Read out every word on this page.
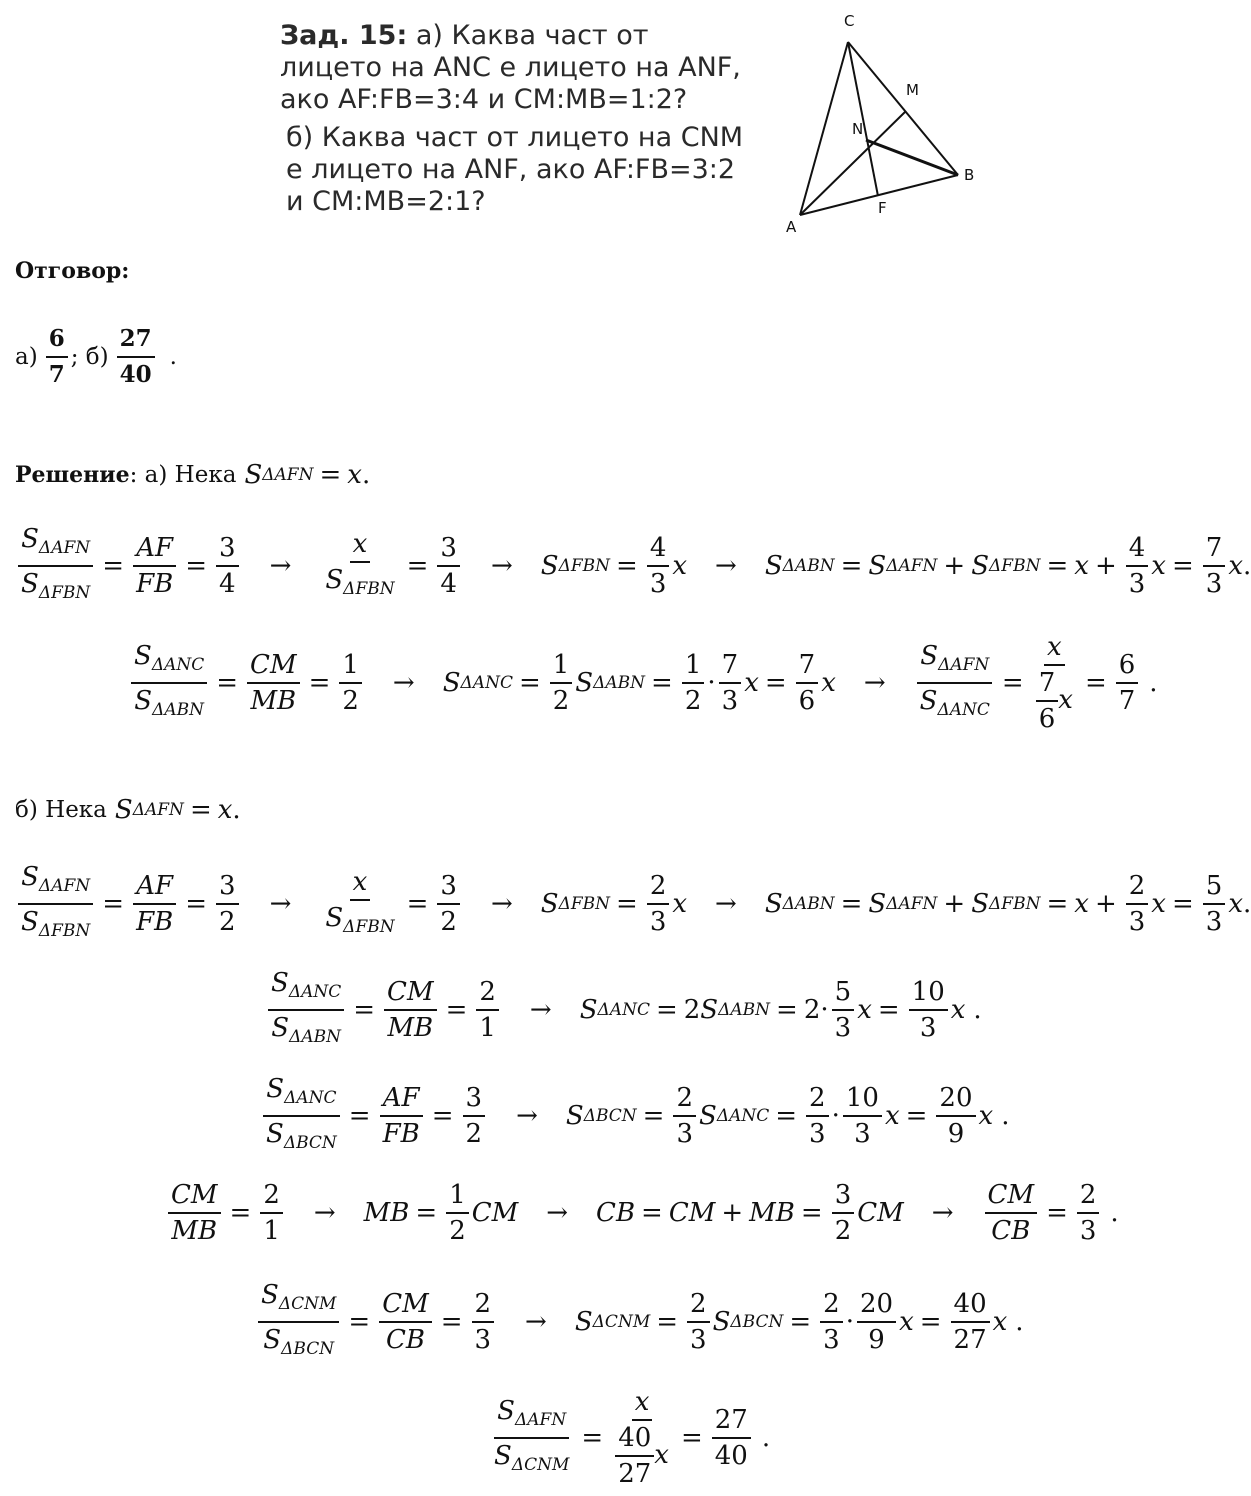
Зад. 15: а) Каква част от
лицето на ANC е лицето на ANF,
ако AF:FB=3:4 и CM:MB=1:2?
б) Каква част от лицето на CNM
е лицето на ANF, ако AF:FB=3:2
и CM:MB=2:1?
C
M
N
B
F
A
Отговор:
а)
6
7
; б)
27
40
.
Решение : а) Нека S ΔAFN = x .
$S_{\Delta AFN}$
$S_{\Delta FBN}$
= $\frac{AF}{FB} = \frac{3}{4}$ →
x
$S_{\Delta FBN}$
= $\frac{3}{4} \to S$ $\Delta FBN = \frac{4}{3}$ x → S ΔABN = S ΔAFN + S $\Delta FBN = x + \frac{4}{3}$ $x = \frac{7}{3}$ x .
$S_{\Delta ANC}$
$S_{\Delta ABN}$
= $\frac{CM}{MB} = \frac{1}{2} \to S$ $\Delta ANC = \frac{1}{2}$ S $\Delta ABN = \frac{1}{2} \cdot \frac{7}{3}$ $x = \frac{7}{6}$ x →
$S_{\Delta AFN}$
$S_{\Delta ANC}$
= $\frac{x}{\frac{7}{6} x} = \frac{6}{7}$ .
б) Нека S ΔAFN = x .
$S_{\Delta AFN}$
$S_{\Delta FBN}$
= $\frac{AF}{FB} = \frac{3}{2}$ →
x
$S_{\Delta FBN}$
= $\frac{3}{2} \to S$ $\Delta FBN = \frac{2}{3}$ x → S ΔABN = S ΔAFN + S $\Delta FBN = x + \frac{2}{3}$ $x = \frac{5}{3}$ x .
$S_{\Delta ANC}$
$S_{\Delta ABN}$
= $\frac{CM}{MB} = \frac{2}{1} \to S$ ΔANC = 2 S $\Delta ABN = 2\cdot \frac{5}{3}$ $x = \frac{10}{3}$ x .
$S_{\Delta ANC}$
$S_{\Delta BCN}$
= $\frac{AF}{FB} = \frac{3}{2} \to S$ $\Delta BCN = \frac{2}{3}$ S $\Delta ANC = \frac{2}{3} \cdot \frac{10}{3}$ $x = \frac{20}{9}$ x .
$\frac{CM}{MB} = \frac{2}{1}$ → MB = $\frac{1}{2}$ CM → CB = CM + MB = $\frac{3}{2}$ CM → $\frac{CM}{CB} = \frac{2}{3}$ .
$S_{\Delta CNM}$
$S_{\Delta BCN}$
= $\frac{CM}{CB} = \frac{2}{3} \to S$ $\Delta CNM = \frac{2}{3}$ S $\Delta BCN = \frac{2}{3} \cdot \frac{20}{9}$ $x = \frac{40}{27}$ x .
$S_{\Delta AFN}$
$S_{\Delta CNM}$
= $\frac{x}{\frac{40}{27} x} = \frac{27}{40}$ .
